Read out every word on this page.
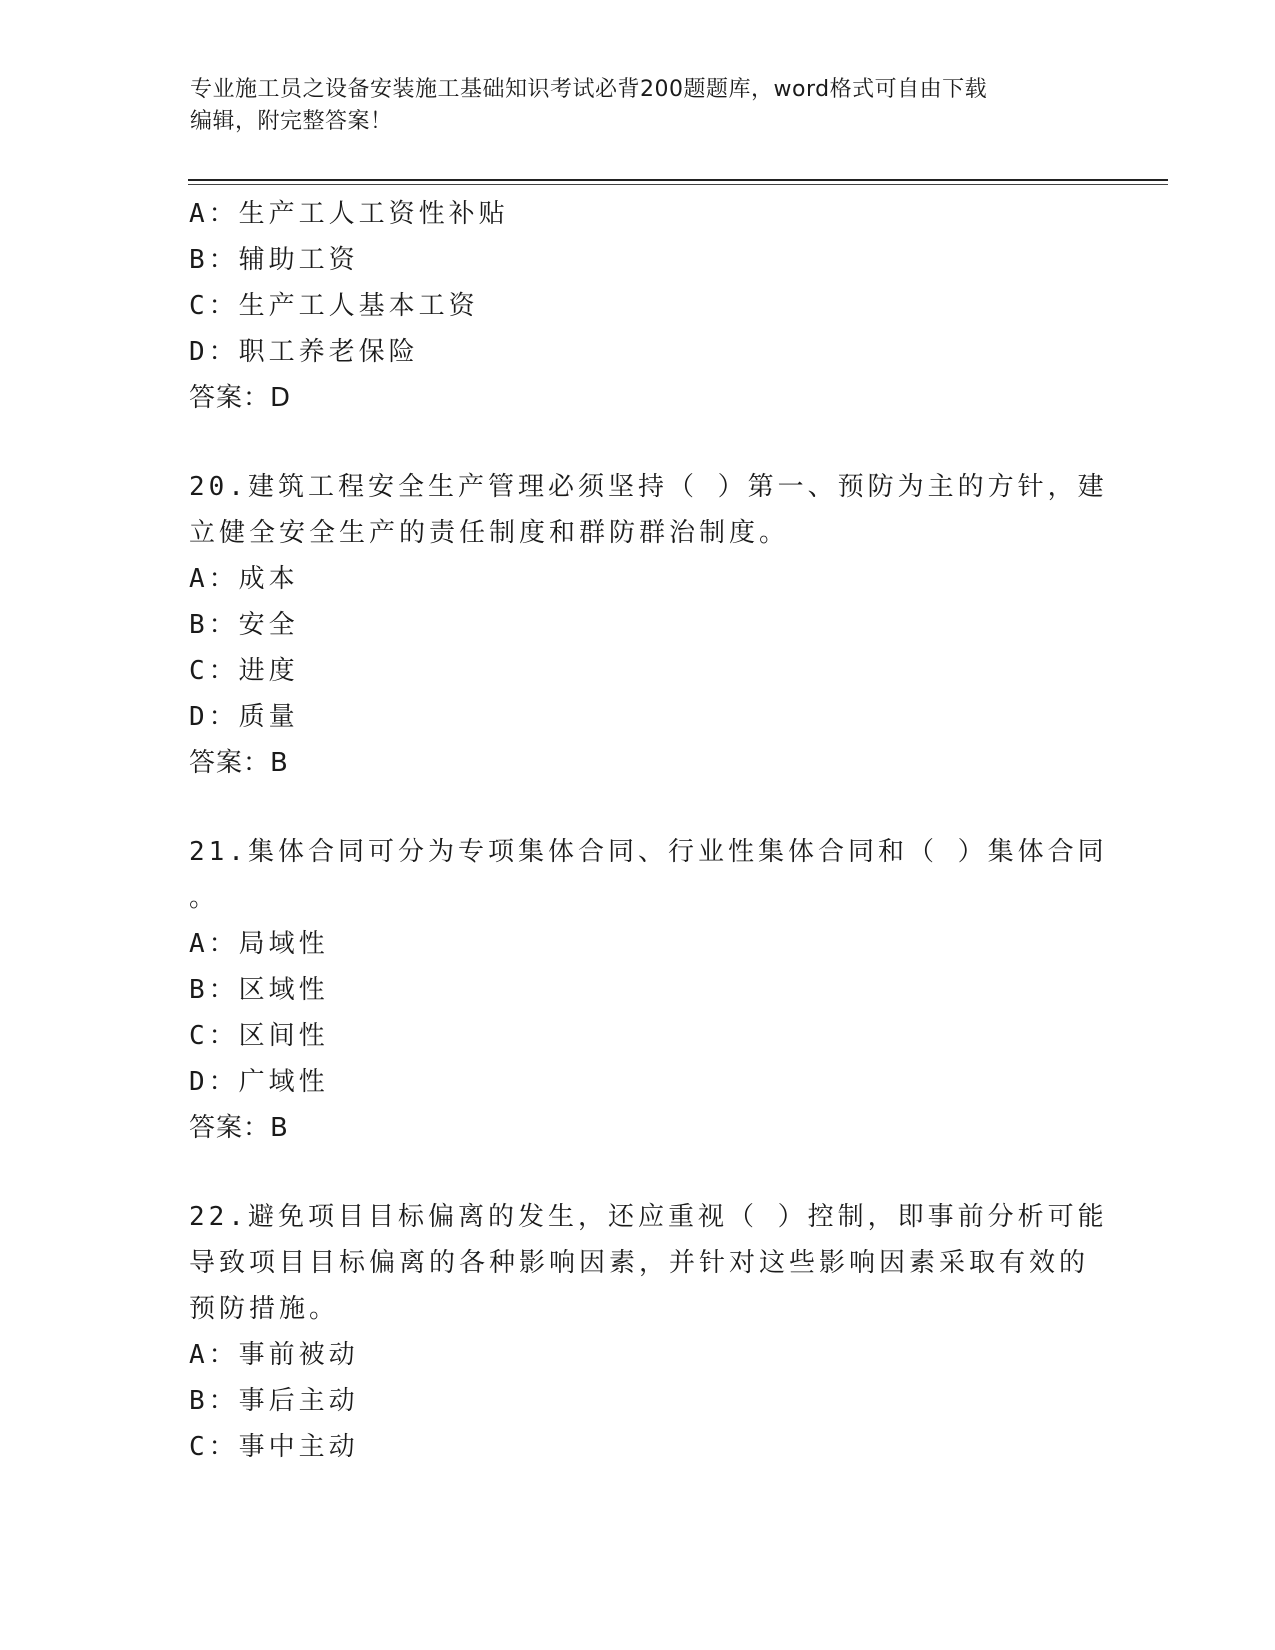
专业施工员之设备安装施工基础知识考试必背200题题库，word格式可自由下载
编辑，附完整答案！
A：生产工人工资性补贴
B：辅助工资
C：生产工人基本工资
D：职工养老保险
答案：D
20.建筑工程安全生产管理必须坚持（ ）第一、预防为主的方针，建
立健全安全生产的责任制度和群防群治制度。
A：成本
B：安全
C：进度
D：质量
答案：B
21.集体合同可分为专项集体合同、行业性集体合同和（ ）集体合同
。
A：局域性
B：区域性
C：区间性
D：广域性
答案：B
22.避免项目目标偏离的发生，还应重视（ ）控制，即事前分析可能
导致项目目标偏离的各种影响因素，并针对这些影响因素采取有效的
预防措施。
A：事前被动
B：事后主动
C：事中主动
